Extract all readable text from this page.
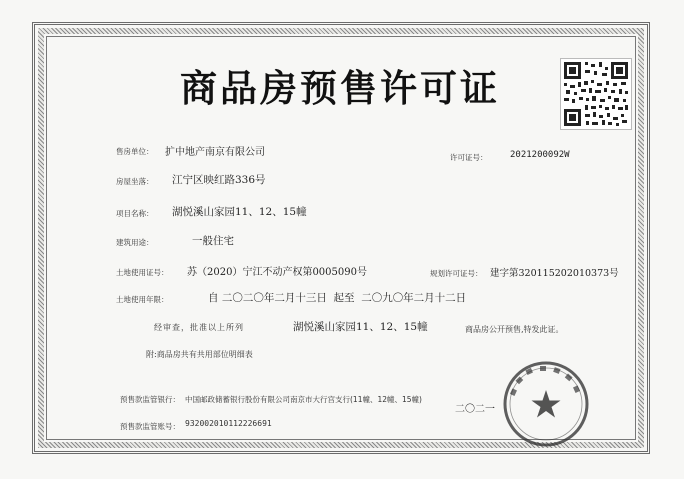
商品房预售许可证
售房单位： 扩中地产南京有限公司	许可证号：	2021200092W
房屋坐落： 江宁区映红路336号
项目名称： 湖悦溪山家园11、12、15幢
建筑用途：	一般住宅
土地使用证号： 苏（2020）宁江不动产权第0005090号	规划许可证号： 建字第320115202010373号
土地使用年限：	自 二〇二〇年二月十三日  起至  二〇九〇年二月十二日
经审查，批准以上所列	湖悦溪山家园11、12、15幢	商品房公开预售,特发此证。
附:商品房共有共用部位明细表
预售款监管银行： 中国邮政储蓄银行股份有限公司南京市大行宫支行(11幢、12幢、15幢)
预售款监管账号： 932002010112226691
二〇二一
